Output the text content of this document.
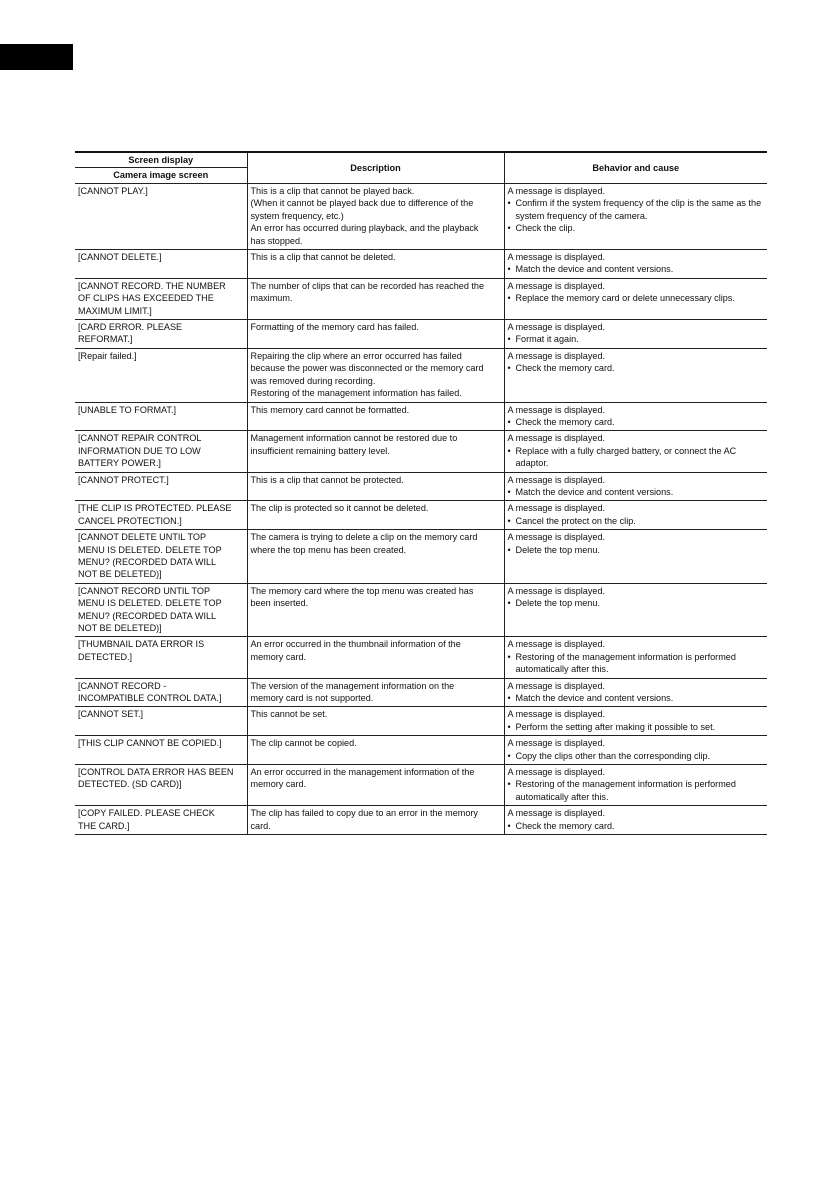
Screen display	Description	Behavior and cause
Camera image screen		

[CANNOT PLAY.]	This is a clip that cannot be played back.
(When it cannot be played back due to difference of the
system frequency, etc.)
An error has occurred during playback, and the playback
has stopped.	A message is displayed.
• Confirm if the system frequency of the clip is the same as the system frequency of the camera.
• Check the clip.

[CANNOT DELETE.]	This is a clip that cannot be deleted.	A message is displayed.
• Match the device and content versions.

[CANNOT RECORD. THE NUMBER
OF CLIPS HAS EXCEEDED THE
MAXIMUM LIMIT.]	The number of clips that can be recorded has reached the
maximum.	A message is displayed.
• Replace the memory card or delete unnecessary clips.

[CARD ERROR. PLEASE
REFORMAT.]	Formatting of the memory card has failed.	A message is displayed.
• Format it again.

[Repair failed.]	Repairing the clip where an error occurred has failed
because the power was disconnected or the memory card
was removed during recording.
Restoring of the management information has failed.	A message is displayed.
• Check the memory card.

[UNABLE TO FORMAT.]	This memory card cannot be formatted.	A message is displayed.
• Check the memory card.

[CANNOT REPAIR CONTROL
INFORMATION DUE TO LOW
BATTERY POWER.]	Management information cannot be restored due to
insufficient remaining battery level.	A message is displayed.
• Replace with a fully charged battery, or connect the AC adaptor.

[CANNOT PROTECT.]	This is a clip that cannot be protected.	A message is displayed.
• Match the device and content versions.

[THE CLIP IS PROTECTED. PLEASE
CANCEL PROTECTION.]	The clip is protected so it cannot be deleted.	A message is displayed.
• Cancel the protect on the clip.

[CANNOT DELETE UNTIL TOP
MENU IS DELETED. DELETE TOP
MENU? (RECORDED DATA WILL
NOT BE DELETED)]	The camera is trying to delete a clip on the memory card
where the top menu has been created.	A message is displayed.
• Delete the top menu.

[CANNOT RECORD UNTIL TOP
MENU IS DELETED. DELETE TOP
MENU? (RECORDED DATA WILL
NOT BE DELETED)]	The memory card where the top menu was created has
been inserted.	A message is displayed.
• Delete the top menu.

[THUMBNAIL DATA ERROR IS
DETECTED.]	An error occurred in the thumbnail information of the
memory card.	A message is displayed.
• Restoring of the management information is performed automatically after this.

[CANNOT RECORD -
INCOMPATIBLE CONTROL DATA.]	The version of the management information on the
memory card is not supported.	A message is displayed.
• Match the device and content versions.

[CANNOT SET.]	This cannot be set.	A message is displayed.
• Perform the setting after making it possible to set.

[THIS CLIP CANNOT BE COPIED.]	The clip cannot be copied.	A message is displayed.
• Copy the clips other than the corresponding clip.

[CONTROL DATA ERROR HAS BEEN
DETECTED. (SD CARD)]	An error occurred in the management information of the
memory card.	A message is displayed.
• Restoring of the management information is performed automatically after this.

[COPY FAILED. PLEASE CHECK
THE CARD.]	The clip has failed to copy due to an error in the memory
card.	A message is displayed.
• Check the memory card.
